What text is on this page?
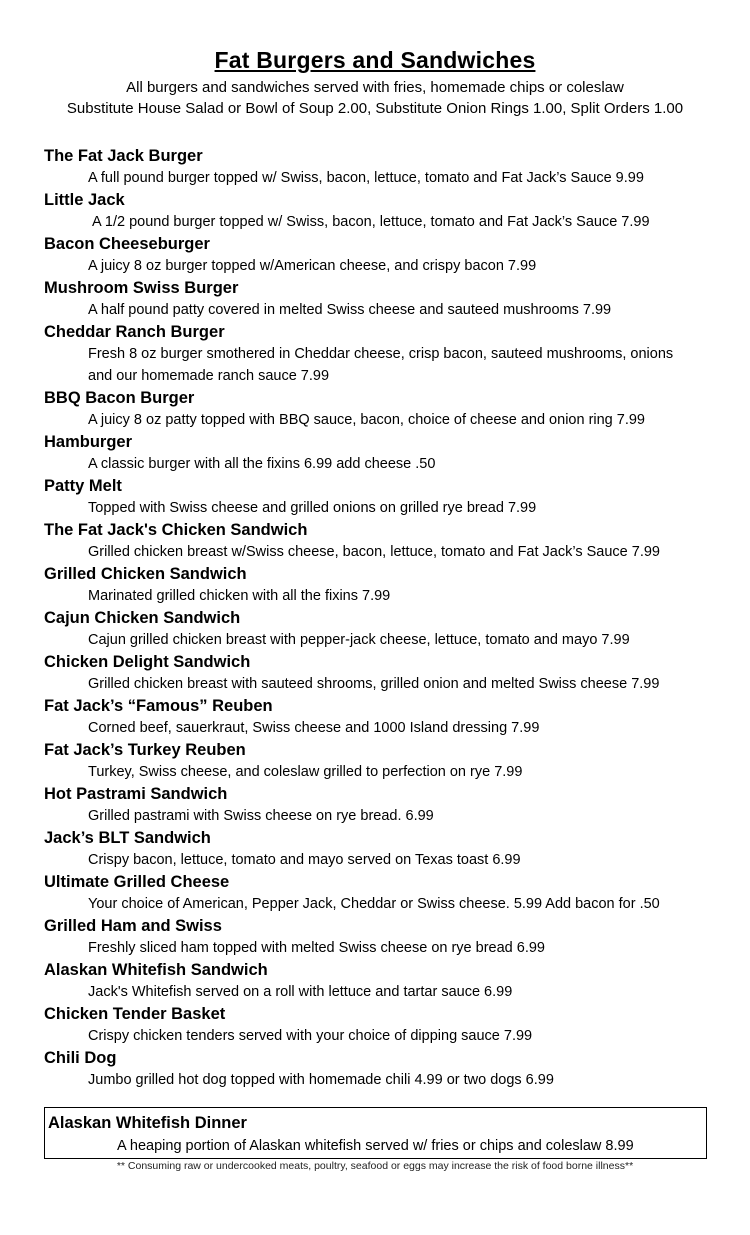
Fat Burgers and Sandwiches
All burgers and sandwiches served with fries, homemade chips or coleslaw
Substitute House Salad or Bowl of Soup 2.00, Substitute Onion Rings 1.00, Split Orders 1.00
The Fat Jack Burger
A full pound burger topped w/ Swiss, bacon, lettuce, tomato and Fat Jack’s Sauce 9.99
Little Jack
A 1/2 pound burger topped w/ Swiss, bacon, lettuce, tomato and Fat Jack’s Sauce 7.99
Bacon Cheeseburger
A juicy 8 oz burger topped w/American cheese, and crispy bacon 7.99
Mushroom Swiss Burger
A half pound patty covered in melted Swiss cheese and sauteed mushrooms 7.99
Cheddar Ranch Burger
Fresh 8 oz burger smothered in Cheddar cheese, crisp bacon, sauteed mushrooms, onions and our homemade ranch sauce 7.99
BBQ Bacon Burger
A juicy 8 oz patty topped with BBQ sauce, bacon, choice of cheese and onion ring 7.99
Hamburger
A classic burger with all the fixins 6.99 add cheese .50
Patty Melt
Topped with Swiss cheese and grilled onions on grilled rye bread 7.99
The Fat Jack's Chicken Sandwich
Grilled chicken breast w/Swiss cheese, bacon, lettuce, tomato and Fat Jack’s Sauce 7.99
Grilled Chicken Sandwich
Marinated grilled chicken with all the fixins 7.99
Cajun Chicken Sandwich
Cajun grilled chicken breast with pepper-jack cheese, lettuce, tomato and mayo 7.99
Chicken Delight Sandwich
Grilled chicken breast with sauteed shrooms, grilled onion and melted Swiss cheese 7.99
Fat Jack’s “Famous” Reuben
Corned beef, sauerkraut, Swiss cheese and 1000 Island dressing 7.99
Fat Jack’s Turkey Reuben
Turkey, Swiss cheese, and coleslaw grilled to perfection on rye 7.99
Hot Pastrami Sandwich
Grilled pastrami with Swiss cheese on rye bread. 6.99
Jack’s BLT Sandwich
Crispy bacon, lettuce, tomato and mayo served on Texas toast 6.99
Ultimate Grilled Cheese
Your choice of American, Pepper Jack, Cheddar or Swiss cheese. 5.99 Add bacon for .50
Grilled Ham and Swiss
Freshly sliced ham topped with melted Swiss cheese on rye bread 6.99
Alaskan Whitefish Sandwich
Jack's Whitefish served on a roll with lettuce and tartar sauce 6.99
Chicken Tender Basket
Crispy chicken tenders served with your choice of dipping sauce 7.99
Chili Dog
Jumbo grilled hot dog topped with homemade chili 4.99 or two dogs 6.99
Alaskan Whitefish Dinner
A heaping portion of Alaskan whitefish served w/ fries or chips and coleslaw 8.99
** Consuming raw or undercooked meats, poultry, seafood or eggs may increase the risk of food borne illness**
